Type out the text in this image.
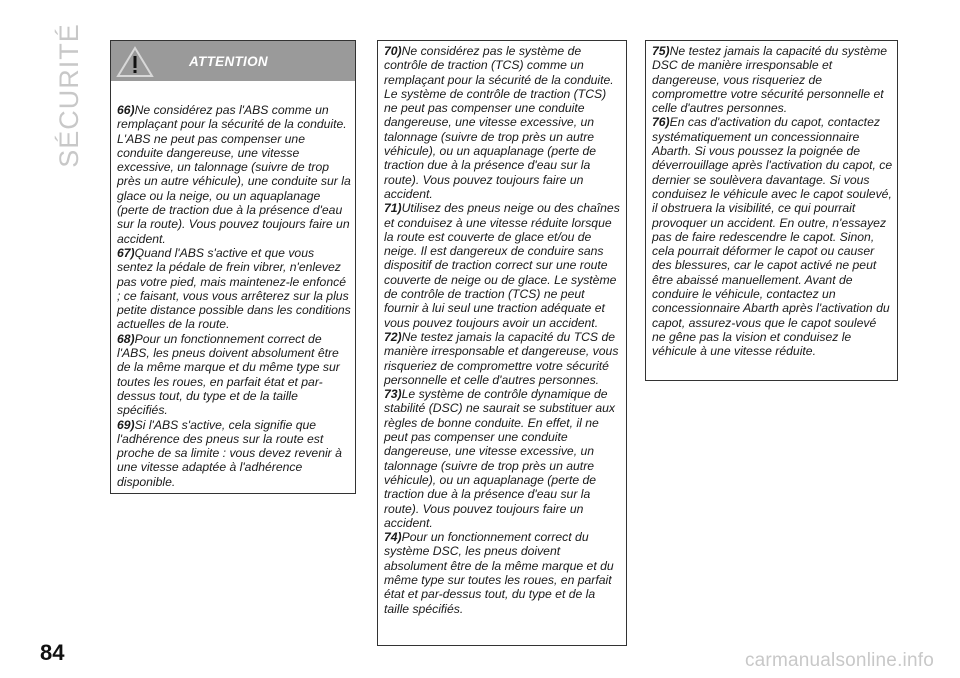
SÉCURITÉ	ATTENTION

66)Ne considérez pas l'ABS comme un remplaçant pour la sécurité de la conduite. L'ABS ne peut pas compenser une conduite dangereuse, une vitesse excessive, un talonnage (suivre de trop près un autre véhicule), une conduite sur la glace ou la neige, ou un aquaplanage (perte de traction due à la présence d'eau sur la route). Vous pouvez toujours faire un accident.

67)Quand l'ABS s'active et que vous sentez la pédale de frein vibrer, n'enlevez pas votre pied, mais maintenez-le enfoncé ; ce faisant, vous vous arrêterez sur la plus petite distance possible dans les conditions actuelles de la route.

68)Pour un fonctionnement correct de l'ABS, les pneus doivent absolument être de la même marque et du même type sur toutes les roues, en parfait état et par-dessus tout, du type et de la taille spécifiés.

69)Si l'ABS s'active, cela signifie que l'adhérence des pneus sur la route est proche de sa limite : vous devez revenir à une vitesse adaptée à l'adhérence disponible.

70)Ne considérez pas le système de contrôle de traction (TCS) comme un remplaçant pour la sécurité de la conduite. Le système de contrôle de traction (TCS) ne peut pas compenser une conduite dangereuse, une vitesse excessive, un talonnage (suivre de trop près un autre véhicule), ou un aquaplanage (perte de traction due à la présence d'eau sur la route). Vous pouvez toujours faire un accident.

71)Utilisez des pneus neige ou des chaînes et conduisez à une vitesse réduite lorsque la route est couverte de glace et/ou de neige. Il est dangereux de conduire sans dispositif de traction correct sur une route couverte de neige ou de glace. Le système de contrôle de traction (TCS) ne peut fournir à lui seul une traction adéquate et vous pouvez toujours avoir un accident.

72)Ne testez jamais la capacité du TCS de manière irresponsable et dangereuse, vous risqueriez de compromettre votre sécurité personnelle et celle d'autres personnes.

73)Le système de contrôle dynamique de stabilité (DSC) ne saurait se substituer aux règles de bonne conduite. En effet, il ne peut pas compenser une conduite dangereuse, une vitesse excessive, un talonnage (suivre de trop près un autre véhicule), ou un aquaplanage (perte de traction due à la présence d'eau sur la route). Vous pouvez toujours faire un accident.

74)Pour un fonctionnement correct du système DSC, les pneus doivent absolument être de la même marque et du même type sur toutes les roues, en parfait état et par-dessus tout, du type et de la taille spécifiés.

75)Ne testez jamais la capacité du système DSC de manière irresponsable et dangereuse, vous risqueriez de compromettre votre sécurité personnelle et celle d'autres personnes.

76)En cas d'activation du capot, contactez systématiquement un concessionnaire Abarth. Si vous poussez la poignée de déverrouillage après l'activation du capot, ce dernier se soulèvera davantage. Si vous conduisez le véhicule avec le capot soulevé, il obstruera la visibilité, ce qui pourrait provoquer un accident. En outre, n'essayez pas de faire redescendre le capot. Sinon, cela pourrait déformer le capot ou causer des blessures, car le capot activé ne peut être abaissé manuellement. Avant de conduire le véhicule, contactez un concessionnaire Abarth après l'activation du capot, assurez-vous que le capot soulevé ne gêne pas la vision et conduisez le véhicule à une vitesse réduite.

84	carmanualsonline.info
